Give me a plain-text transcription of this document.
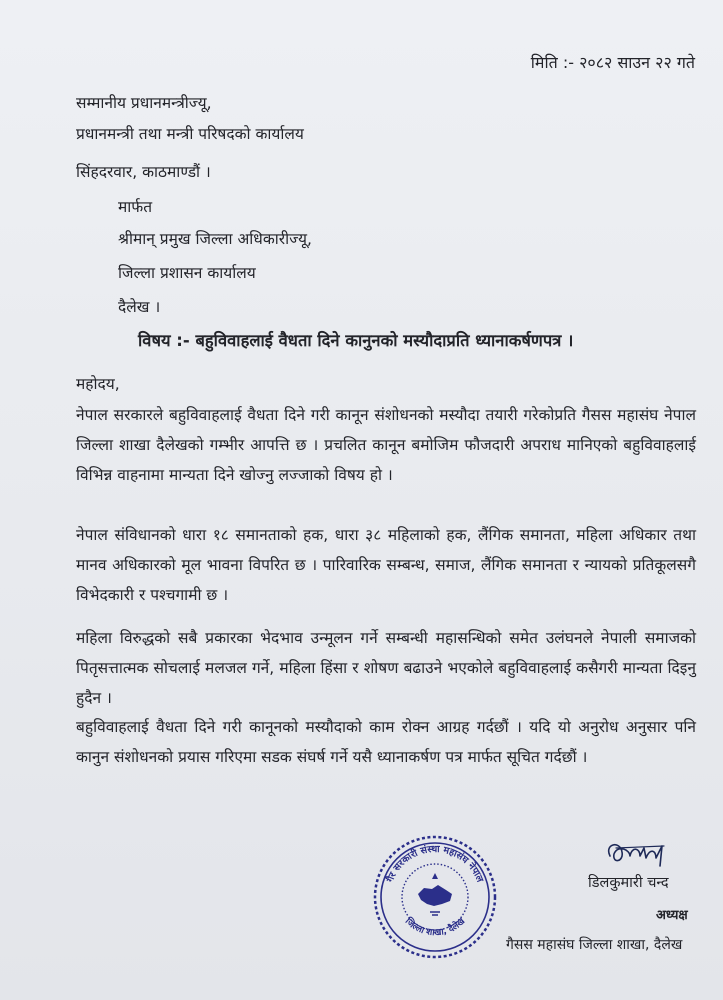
मिति :- २०८२ साउन २२ गते
सम्मानीय प्रधानमन्त्रीज्यू,
प्रधानमन्त्री तथा मन्त्री परिषदको कार्यालय
सिंहदरवार, काठमाण्डौं ।
मार्फत
श्रीमान् प्रमुख जिल्ला अधिकारीज्यू,
जिल्ला प्रशासन कार्यालय
दैलेख ।
विषय :- बहुविवाहलाई वैधता दिने कानुनको मस्यौदाप्रति ध्यानाकर्षणपत्र ।
महोदय,
नेपाल सरकारले बहुविवाहलाई वैधता दिने गरी कानून संशोधनको मस्यौदा तयारी गरेकोप्रति गैसस महासंघ नेपाल जिल्ला शाखा दैलेखको गम्भीर आपत्ति छ । प्रचलित कानून बमोजिम फौजदारी अपराध मानिएको बहुविवाहलाई विभिन्न वाहनामा मान्यता दिने खोज्नु लज्जाको विषय हो ।
नेपाल संविधानको धारा १८ समानताको हक, धारा ३८ महिलाको हक, लैंगिक समानता, महिला अधिकार तथा मानव अधिकारको मूल भावना विपरित छ । पारिवारिक सम्बन्ध, समाज, लैंगिक समानता र न्यायको प्रतिकूलसगै विभेदकारी र पश्चगामी छ ।
महिला विरुद्धको सबै प्रकारका भेदभाव उन्मूलन गर्ने सम्बन्धी महासन्धिको समेत उलंघनले नेपाली समाजको पितृसत्तात्मक सोचलाई मलजल गर्ने, महिला हिंसा र शोषण बढाउने भएकोले बहुविवाहलाई कसैगरी मान्यता दिइनु हुदैन ।
बहुविवाहलाई वैधता दिने गरी कानूनको मस्यौदाको काम रोक्न आग्रह गर्दछौं । यदि यो अनुरोध अनुसार पनि कानुन संशोधनको प्रयास गरिएमा सडक संघर्ष गर्ने यसै ध्यानाकर्षण पत्र मार्फत सूचित गर्दछौं ।
गैर सरकारी संस्था महासंघ नेपाल
जिल्ला शाखा, दैलेख
डिलकुमारी चन्द
अध्यक्ष
गैसस महासंघ जिल्ला शाखा, दैलेख
